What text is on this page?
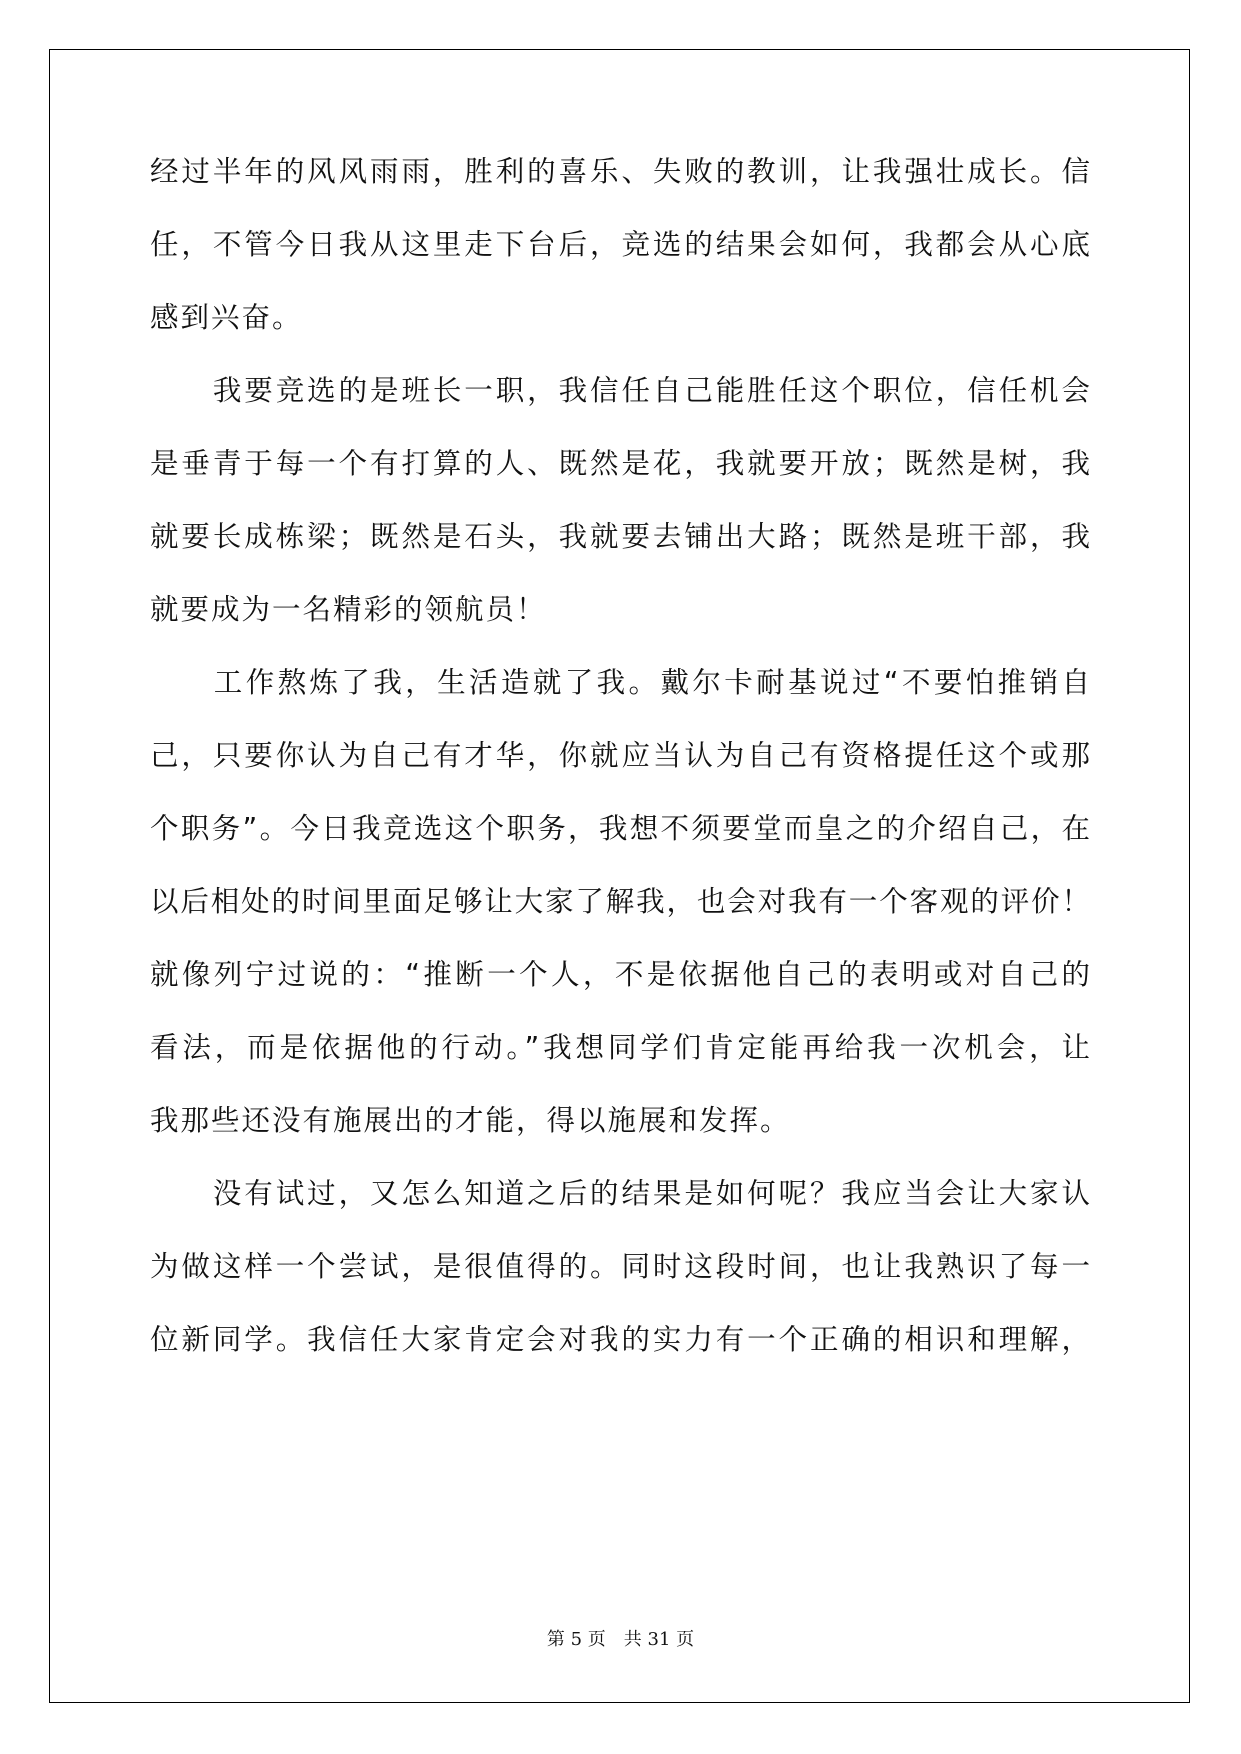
经过半年的风风雨雨，胜利的喜乐、失败的教训，让我强壮成长。信
任，不管今日我从这里走下台后，竞选的结果会如何，我都会从心底
感到兴奋。
　　我要竞选的是班长一职，我信任自己能胜任这个职位，信任机会
是垂青于每一个有打算的人、既然是花，我就要开放；既然是树，我
就要长成栋梁；既然是石头，我就要去铺出大路；既然是班干部，我
就要成为一名精彩的领航员！
　　工作熬炼了我，生活造就了我。戴尔卡耐基说过“不要怕推销自
己，只要你认为自己有才华，你就应当认为自己有资格提任这个或那
个职务”。今日我竞选这个职务，我想不须要堂而皇之的介绍自己，在
以后相处的时间里面足够让大家了解我，也会对我有一个客观的评价！
就像列宁过说的：“推断一个人，不是依据他自己的表明或对自己的
看法，而是依据他的行动。”我想同学们肯定能再给我一次机会，让
我那些还没有施展出的才能，得以施展和发挥。
　　没有试过，又怎么知道之后的结果是如何呢？我应当会让大家认
为做这样一个尝试，是很值得的。同时这段时间，也让我熟识了每一
位新同学。我信任大家肯定会对我的实力有一个正确的相识和理解，
第 5 页　共 31 页
